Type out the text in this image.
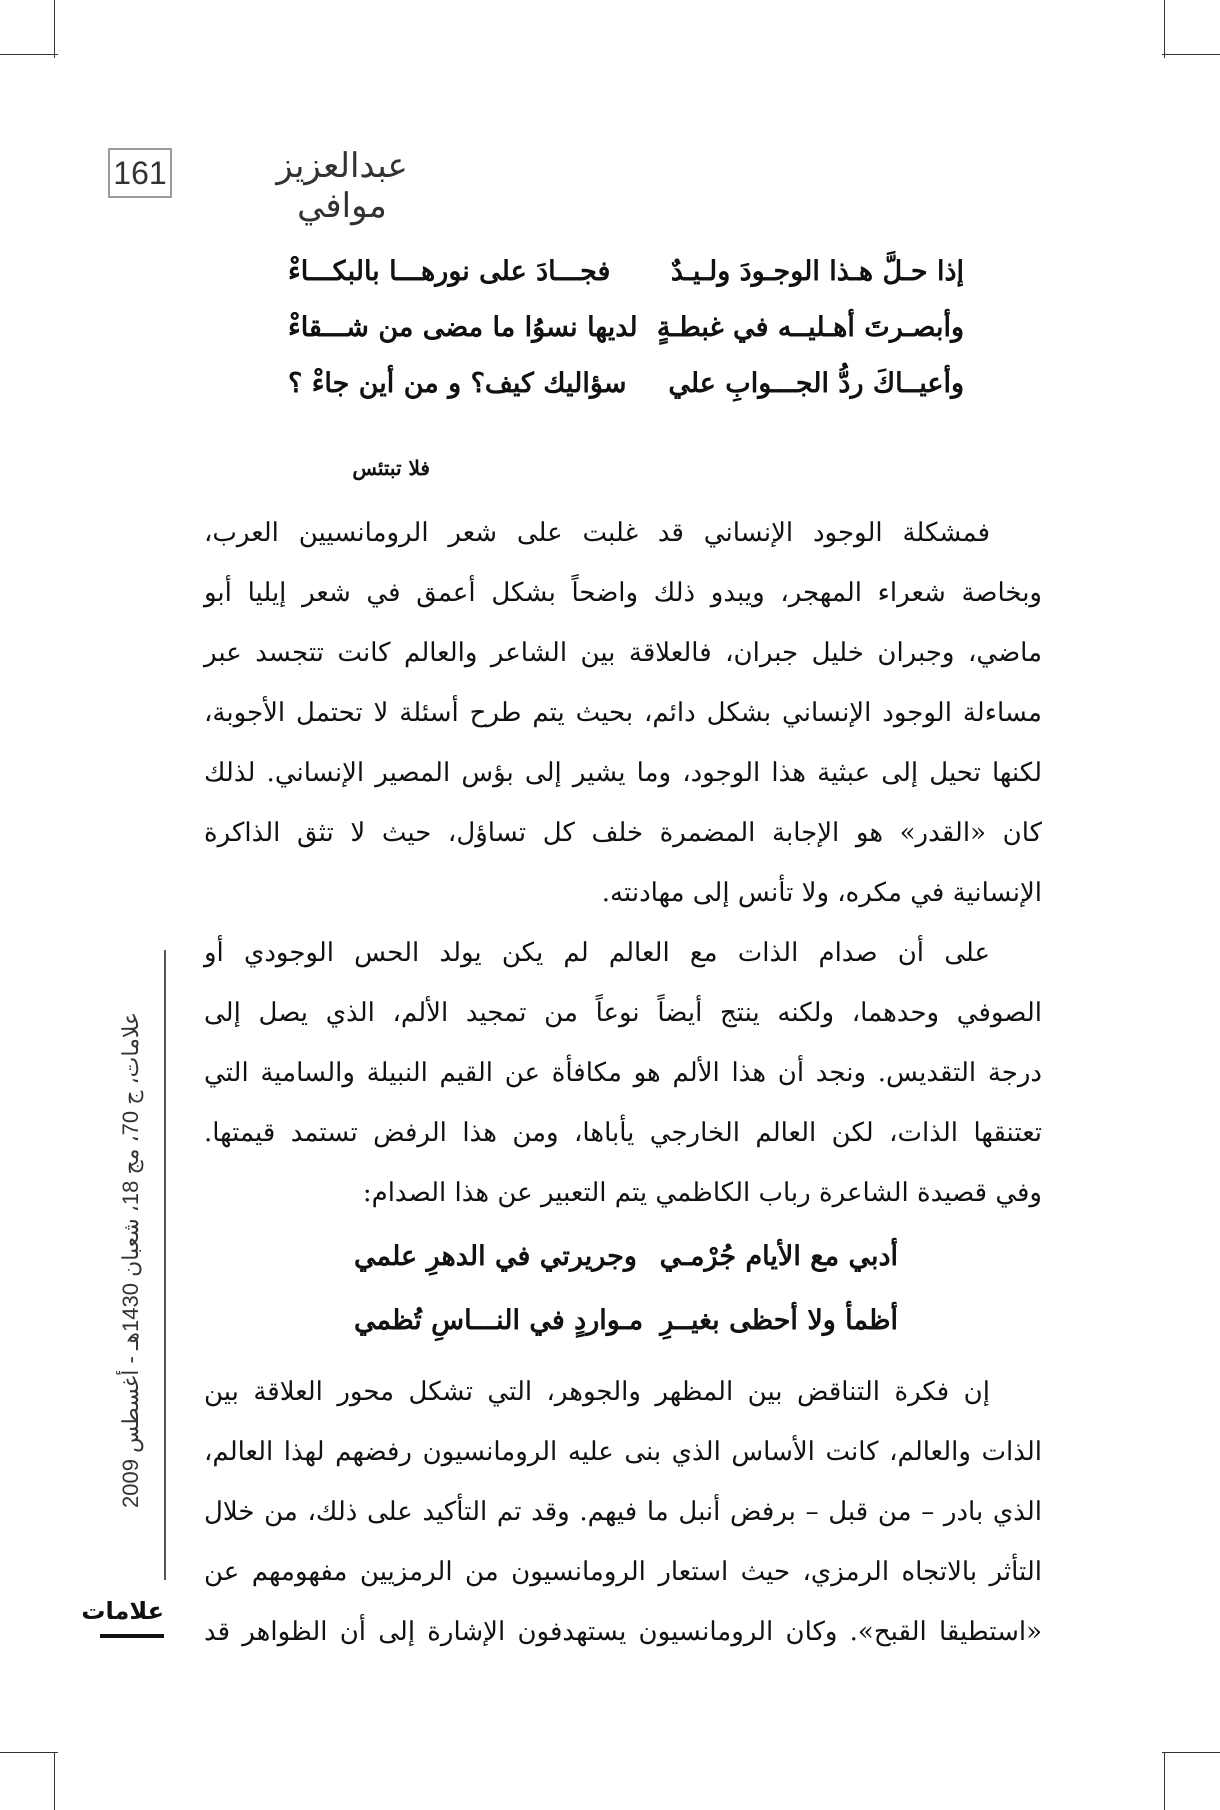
161	عبدالعزيز موافي
إذا حـلَّ هـذا الوجـودَ ولـيـدٌ
فجـــادَ على نورهـــا بالبكـــاءْ
وأبصـرتَ أهـليــه في غبطـةٍ
لديها نسوُا ما مضى من شـــقاءْ
وأعيــاكَ ردُّ الجـــوابِ علي
سؤاليك كيف؟ و من أين جاءْ ؟
فلا تبتئس
فمشكلة الوجود الإنساني قد غلبت على شعر الرومانسيين العرب،
وبخاصة شعراء المهجر، ويبدو ذلك واضحاً بشكل أعمق في شعر إيليا أبو
ماضي، وجبران خليل جبران، فالعلاقة بين الشاعر والعالم كانت تتجسد عبر
مساءلة الوجود الإنساني بشكل دائم، بحيث يتم طرح أسئلة لا تحتمل الأجوبة،
لكنها تحيل إلى عبثية هذا الوجود، وما يشير إلى بؤس المصير الإنساني. لذلك
كان «القدر» هو الإجابة المضمرة خلف كل تساؤل، حيث لا تثق الذاكرة
الإنسانية في مكره، ولا تأنس إلى مهادنته.
على أن صدام الذات مع العالم لم يكن يولد الحس الوجودي أو
الصوفي وحدهما، ولكنه ينتج أيضاً نوعاً من تمجيد الألم، الذي يصل إلى
درجة التقديس. ونجد أن هذا الألم هو مكافأة عن القيم النبيلة والسامية التي
تعتنقها الذات، لكن العالم الخارجي يأباها، ومن هذا الرفض تستمد قيمتها.
وفي قصيدة الشاعرة رباب الكاظمي يتم التعبير عن هذا الصدام:
أدبي مع الأيام جُرْمـي
وجريرتي في الدهرِ علمي
أظمأ ولا أحظى بغيــرِ
مـواردٍ في النـــاسِ تُظمي
إن فكرة التناقض بين المظهر والجوهر، التي تشكل محور العلاقة بين
الذات والعالم، كانت الأساس الذي بنى عليه الرومانسيون رفضهم لهذا العالم،
الذي بادر – من قبل – برفض أنبل ما فيهم. وقد تم التأكيد على ذلك، من خلال
التأثر بالاتجاه الرمزي، حيث استعار الرومانسيون من الرمزيين مفهومهم عن
«استطيقا القبح». وكان الرومانسيون يستهدفون الإشارة إلى أن الظواهر قد
علامات، ج 70، مج 18، شعبان 1430هـ - أغسطس 2009
علامات
